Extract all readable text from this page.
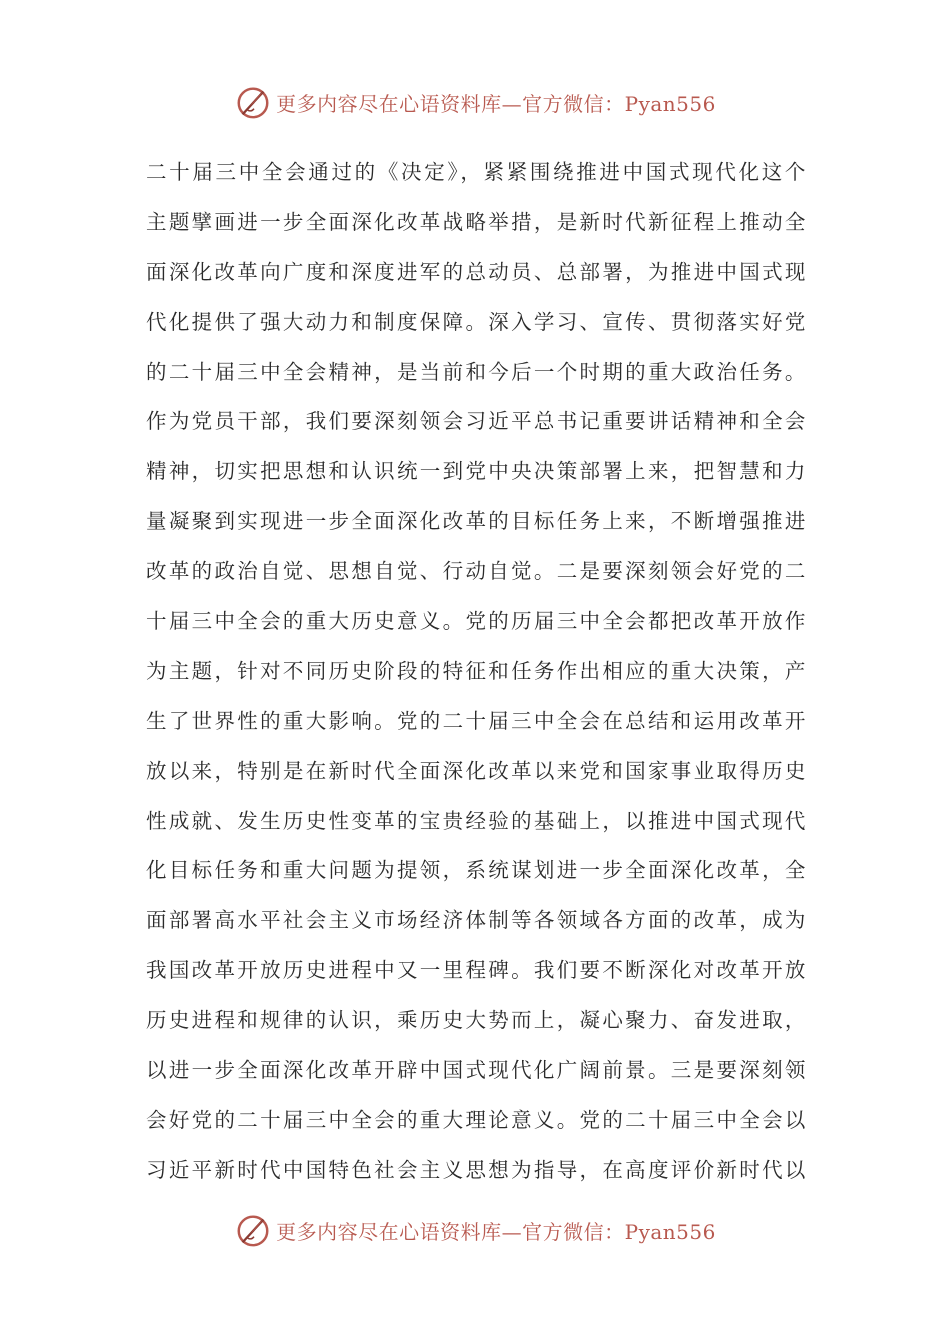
更多内容尽在心语资料库—官方微信：Pyan556
二十届三中全会通过的《决定》，紧紧围绕推进中国式现代化这个
主题擘画进一步全面深化改革战略举措，是新时代新征程上推动全
面深化改革向广度和深度进军的总动员、总部署，为推进中国式现
代化提供了强大动力和制度保障。深入学习、宣传、贯彻落实好党
的二十届三中全会精神，是当前和今后一个时期的重大政治任务。
作为党员干部，我们要深刻领会习近平总书记重要讲话精神和全会
精神，切实把思想和认识统一到党中央决策部署上来，把智慧和力
量凝聚到实现进一步全面深化改革的目标任务上来，不断增强推进
改革的政治自觉、思想自觉、行动自觉。二是要深刻领会好党的二
十届三中全会的重大历史意义。党的历届三中全会都把改革开放作
为主题，针对不同历史阶段的特征和任务作出相应的重大决策，产
生了世界性的重大影响。党的二十届三中全会在总结和运用改革开
放以来，特别是在新时代全面深化改革以来党和国家事业取得历史
性成就、发生历史性变革的宝贵经验的基础上，以推进中国式现代
化目标任务和重大问题为提领，系统谋划进一步全面深化改革，全
面部署高水平社会主义市场经济体制等各领域各方面的改革，成为
我国改革开放历史进程中又一里程碑。我们要不断深化对改革开放
历史进程和规律的认识，乘历史大势而上，凝心聚力、奋发进取，
以进一步全面深化改革开辟中国式现代化广阔前景。三是要深刻领
会好党的二十届三中全会的重大理论意义。党的二十届三中全会以
习近平新时代中国特色社会主义思想为指导，在高度评价新时代以
更多内容尽在心语资料库—官方微信：Pyan556
